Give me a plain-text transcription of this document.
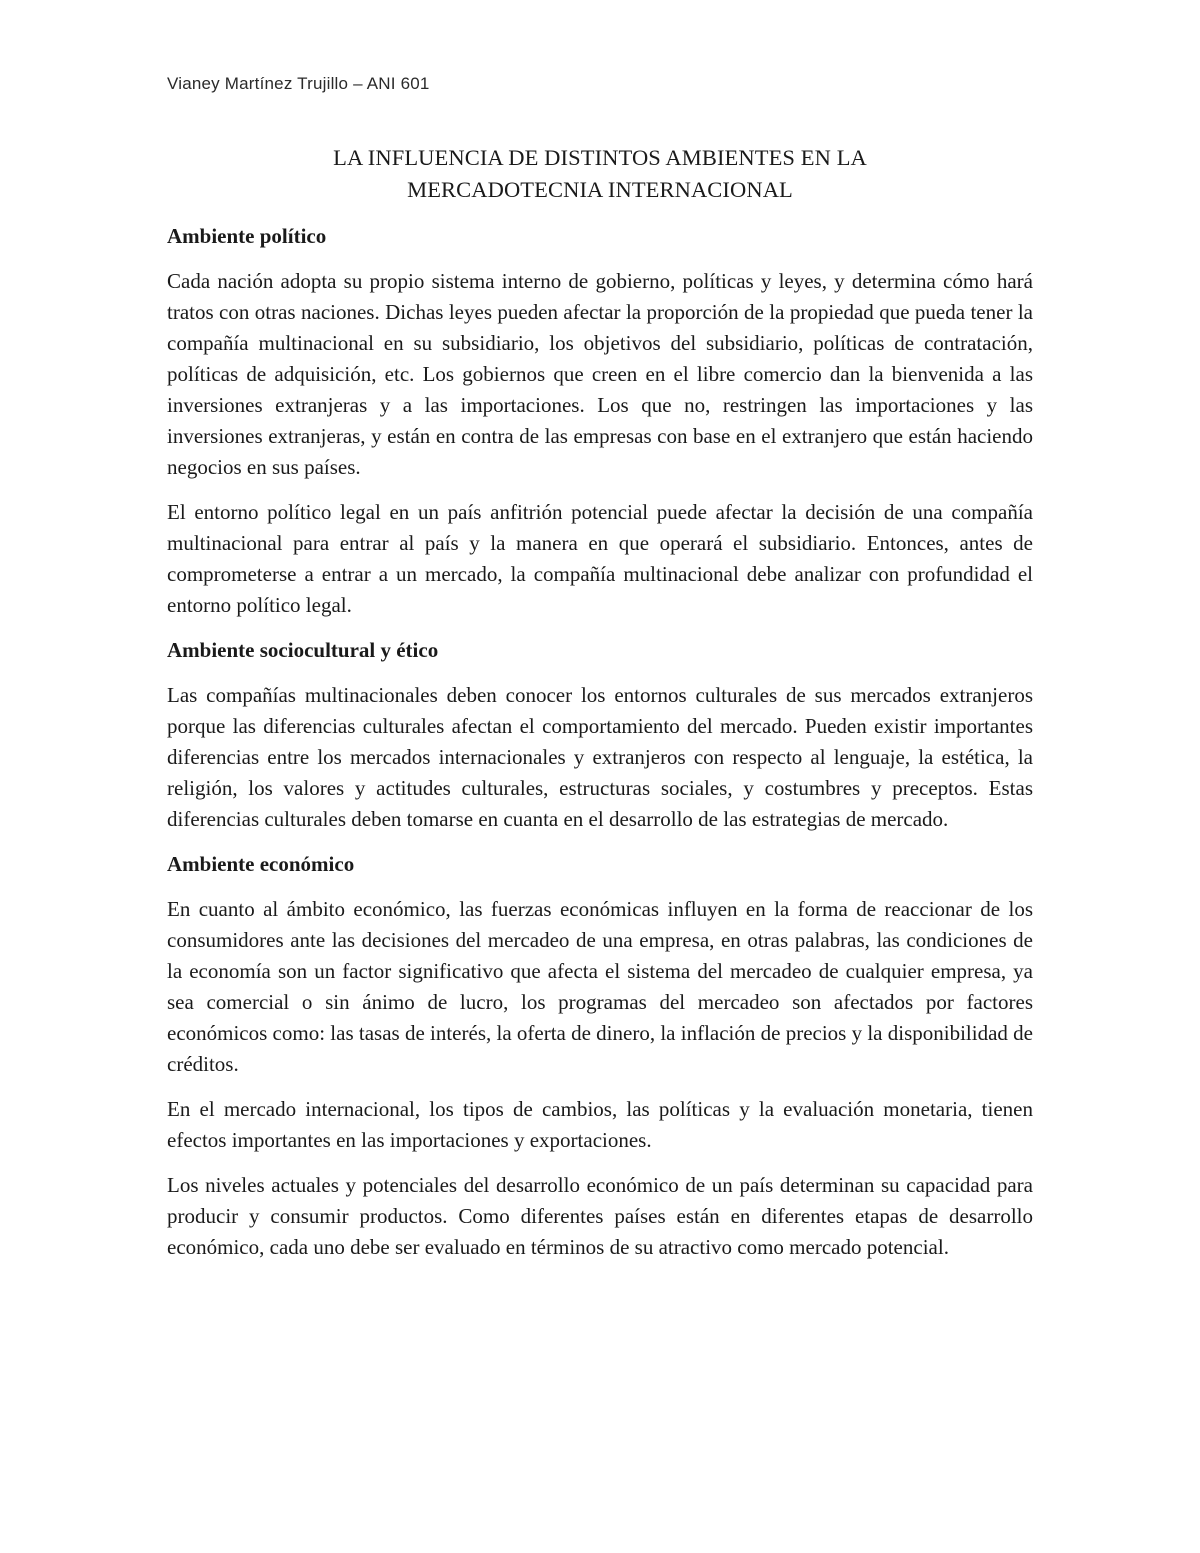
Vianey Martínez Trujillo – ANI 601
LA INFLUENCIA DE DISTINTOS AMBIENTES EN LA
MERCADOTECNIA INTERNACIONAL
Ambiente político

Cada nación adopta su propio sistema interno de gobierno, políticas y leyes, y determina cómo hará tratos con otras naciones. Dichas leyes pueden afectar la proporción de la propiedad que pueda tener la compañía multinacional en su subsidiario, los objetivos del subsidiario, políticas de contratación, políticas de adquisición, etc. Los gobiernos que creen en el libre comercio dan la bienvenida a las inversiones extranjeras y a las importaciones. Los que no, restringen las importaciones y las inversiones extranjeras, y están en contra de las empresas con base en el extranjero que están haciendo negocios en sus países.

El entorno político legal en un país anfitrión potencial puede afectar la decisión de una compañía multinacional para entrar al país y la manera en que operará el subsidiario. Entonces, antes de comprometerse a entrar a un mercado, la compañía multinacional debe analizar con profundidad el entorno político legal.

Ambiente sociocultural y ético

Las compañías multinacionales deben conocer los entornos culturales de sus mercados extranjeros porque las diferencias culturales afectan el comportamiento del mercado. Pueden existir importantes diferencias entre los mercados internacionales y extranjeros con respecto al lenguaje, la estética, la religión, los valores y actitudes culturales, estructuras sociales, y costumbres y preceptos. Estas diferencias culturales deben tomarse en cuanta en el desarrollo de las estrategias de mercado.

Ambiente económico

En cuanto al ámbito económico, las fuerzas económicas influyen en la forma de reaccionar de los consumidores ante las decisiones del mercadeo de una empresa, en otras palabras, las condiciones de la economía son un factor significativo que afecta el sistema del mercadeo de cualquier empresa, ya sea comercial o sin ánimo de lucro, los programas del mercadeo son afectados por factores económicos como: las tasas de interés, la oferta de dinero, la inflación de precios y la disponibilidad de créditos.

En el mercado internacional, los tipos de cambios, las políticas y la evaluación monetaria, tienen efectos importantes en las importaciones y exportaciones.

Los niveles actuales y potenciales del desarrollo económico de un país determinan su capacidad para producir y consumir productos. Como diferentes países están en diferentes etapas de desarrollo económico, cada uno debe ser evaluado en términos de su atractivo como mercado potencial.
